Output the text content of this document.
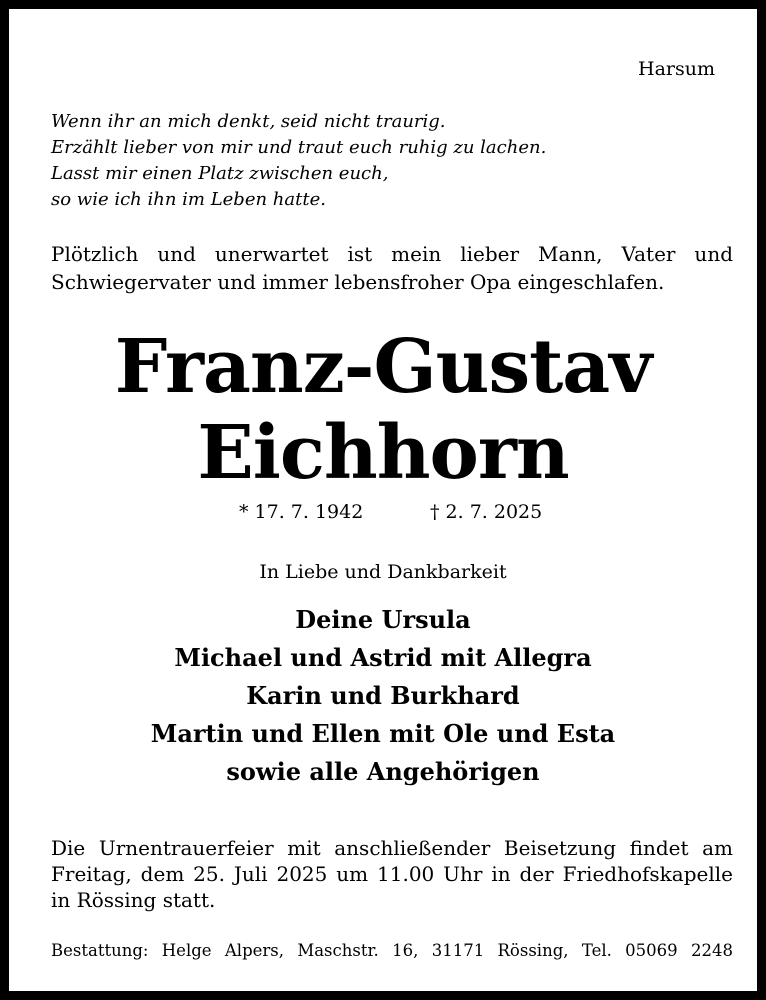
Harsum
Wenn ihr an mich denkt, seid nicht traurig.
Erzählt lieber von mir und traut euch ruhig zu lachen.
Lasst mir einen Platz zwischen euch,
so wie ich ihn im Leben hatte.
Plötzlich und unerwartet ist mein lieber Mann, Vater und
Schwiegervater und immer lebensfroher Opa eingeschlafen.
Franz-Gustav
Eichhorn
* 17. 7. 1942	† 2. 7. 2025
In Liebe und Dankbarkeit
Deine Ursula
Michael und Astrid mit Allegra
Karin und Burkhard
Martin und Ellen mit Ole und Esta
sowie alle Angehörigen
Die Urnentrauerfeier mit anschließender Beisetzung findet am
Freitag, dem 25. Juli 2025 um 11.00 Uhr in der Friedhofskapelle
in Rössing statt.
Bestattung: Helge Alpers, Maschstr. 16, 31171 Rössing, Tel. 05069 2248
